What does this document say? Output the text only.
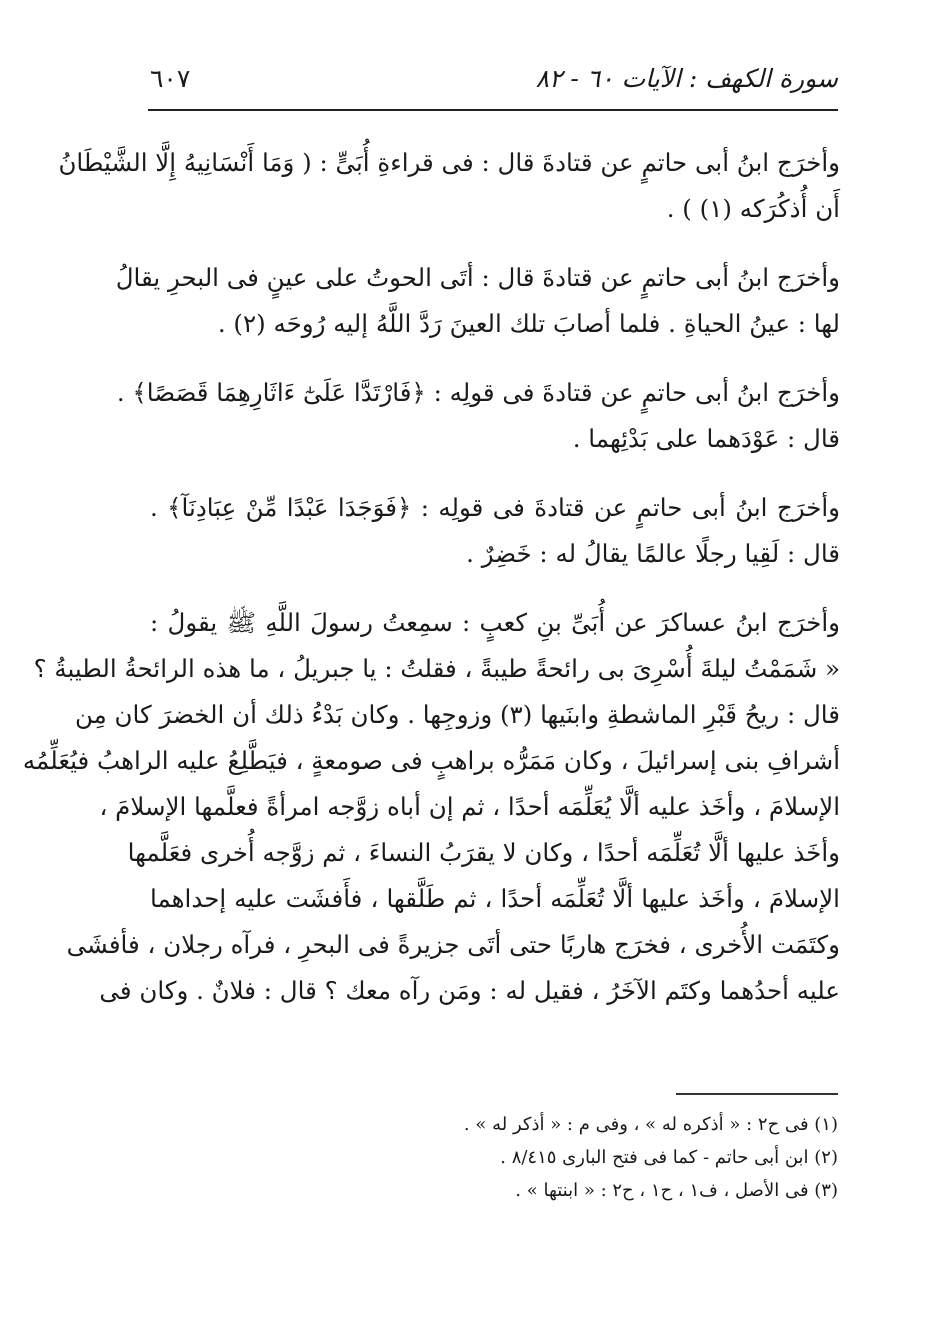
سورة الكهف : الآيات ٦٠ - ٨٢
٦٠٧
وأخرَج ابنُ أبى حاتمٍ عن قتادةَ قال : فى قراءةِ أُبَىٍّ : ( وَمَا أَنْسَانِيهُ إِلَّا الشَّيْطَانُ
أَن أُذكُرَكه (١) ) .
وأخرَج ابنُ أبى حاتمٍ عن قتادةَ قال : أتَى الحوتُ على عينٍ فى البحرِ يقالُ
لها : عينُ الحياةِ . فلما أصابَ تلك العينَ رَدَّ اللَّهُ إليه رُوحَه (٢) .
وأخرَج ابنُ أبى حاتمٍ عن قتادةَ فى قولِه : ﴿فَارْتَدَّا عَلَىٰٓ ءَاثَارِهِمَا قَصَصًا﴾ .
قال : عَوْدَهما على بَدْئِهما .
وأخرَج ابنُ أبى حاتمٍ عن قتادةَ فى قولِه : ﴿فَوَجَدَا عَبْدًا مِّنْ عِبَادِنَآ﴾ .
قال : لَقِيا رجلًا عالمًا يقالُ له : خَضِرٌ .
وأخرَج ابنُ عساكرَ عن أُبَىِّ بنِ كعبٍ : سمِعتُ رسولَ اللَّهِ ﷺ يقولُ :
« شَمَمْتُ ليلةَ أُسْرِىَ بى رائحةً طيبةً ، فقلتُ : يا جبريلُ ، ما هذه الرائحةُ الطيبةُ ؟
قال : ريحُ قَبْرِ الماشطةِ وابنَيها (٣) وزوجِها . وكان بَدْءُ ذلك أن الخضرَ كان مِن
أشرافِ بنى إسرائيلَ ، وكان مَمَرُّه براهبٍ فى صومعةٍ ، فيَطَّلِعُ عليه الراهبُ فيُعَلِّمُه
الإسلامَ ، وأخَذ عليه ألَّا يُعَلِّمَه أحدًا ، ثم إن أباه زوَّجه امرأةً فعلَّمها الإسلامَ ،
وأخَذ عليها ألَّا تُعَلِّمَه أحدًا ، وكان لا يقرَبُ النساءَ ، ثم زوَّجه أُخرى فعَلَّمها
الإسلامَ ، وأخَذ عليها ألَّا تُعَلِّمَه أحدًا ، ثم طَلَّقها ، فأَفشَت عليه إحداهما
وكتَمَت الأُخرى ، فخرَج هاربًا حتى أتَى جزيرةً فى البحرِ ، فرآه رجلان ، فأفشَى
عليه أحدُهما وكتَم الآخَرُ ، فقيل له : ومَن رآه معك ؟ قال : فلانٌ . وكان فى
(١) فى ح٢ : « أذكره له » ، وفى م : « أذكر له » .
(٢) ابن أبى حاتم - كما فى فتح البارى ٨/٤١٥ .
(٣) فى الأصل ، ف١ ، ح١ ، ح٢ : « ابنتها » .
